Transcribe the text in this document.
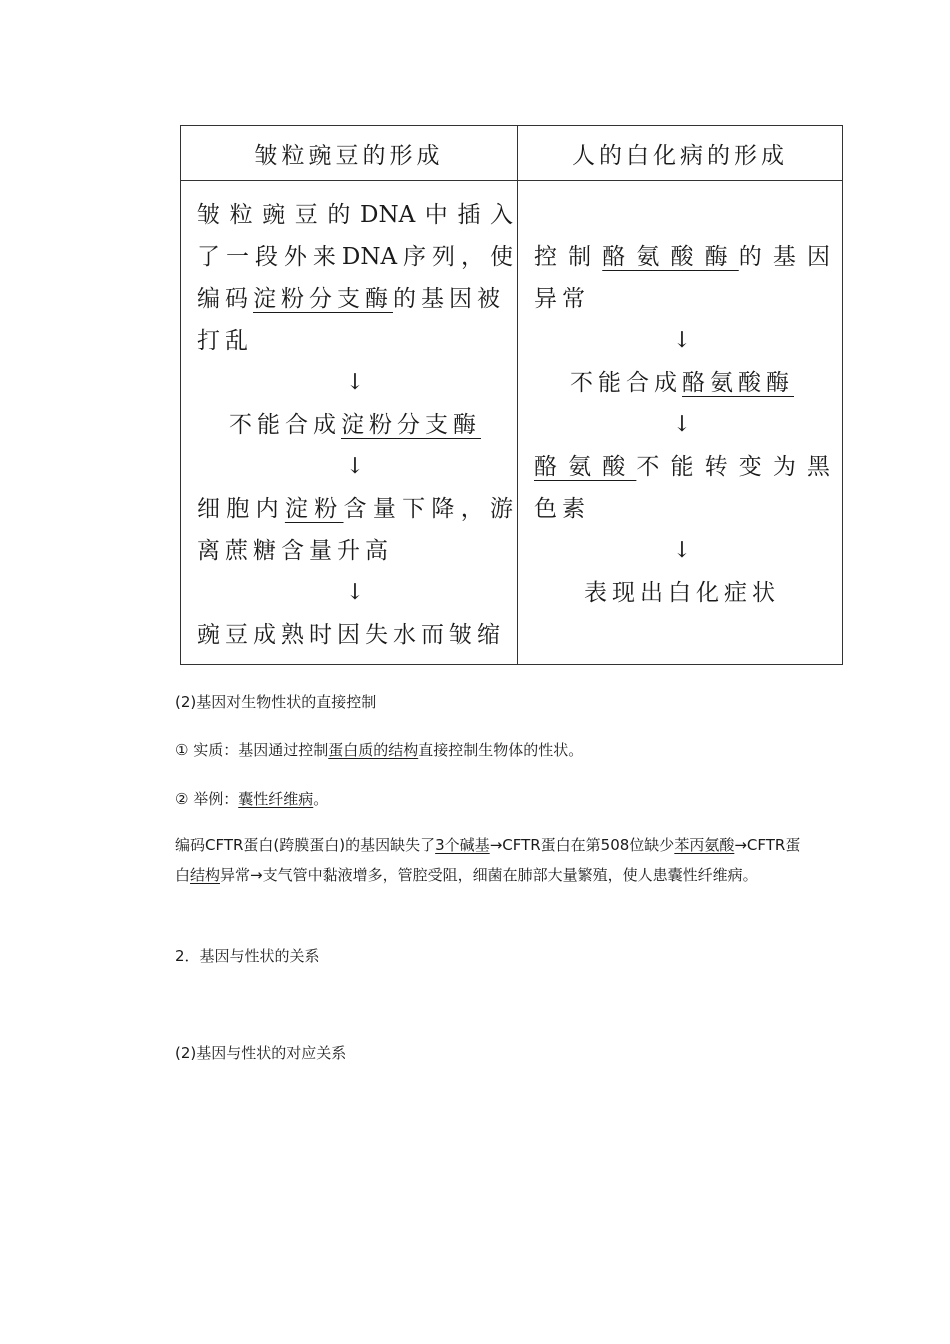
皱粒豌豆的形成	人的白化病的形成
皱粒豌豆的DNA中插入
了一段外来DNA序列，使
编码淀粉分支酶的基因被
打乱
↓
不能合成淀粉分支酶
↓
细胞内淀粉含量下降，游
离蔗糖含量升高
↓
豌豆成熟时因失水而皱缩
控制酪氨酸酶的基因
异常
↓
不能合成酪氨酸酶
↓
酪氨酸不能转变为黑
色素
↓
表现出白化症状
(2)基因对生物性状的直接控制
① 实质：基因通过控制蛋白质的结构直接控制生物体的性状。
② 举例：囊性纤维病。
编码CFTR蛋白(跨膜蛋白)的基因缺失了3个碱基→CFTR蛋白在第508位缺少苯丙氨酸→CFTR蛋白结构异常→支气管中黏液增多，管腔受阻，细菌在肺部大量繁殖，使人患囊性纤维病。
2．基因与性状的关系
(2)基因与性状的对应关系
